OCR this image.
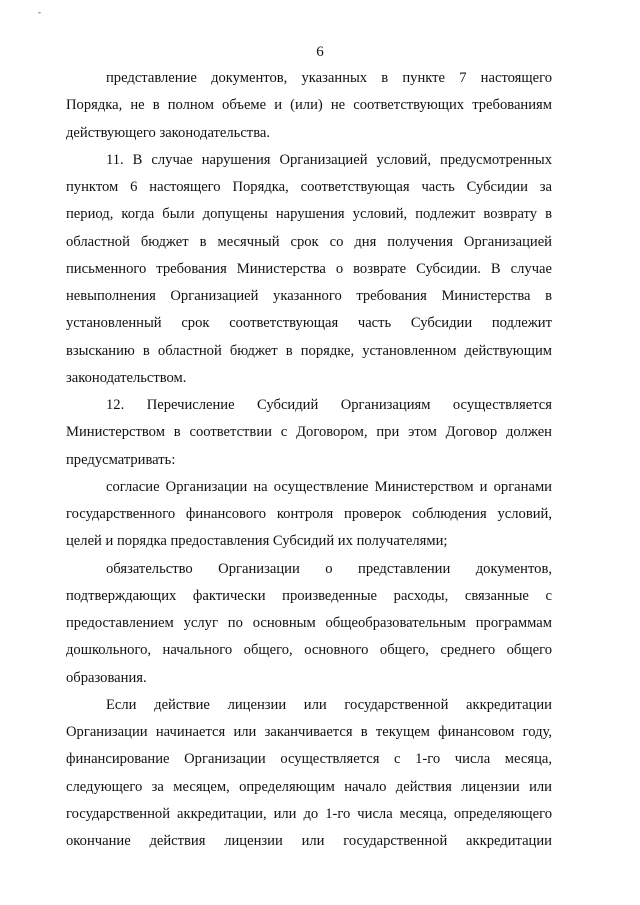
-
6
представление документов, указанных в пункте 7 настоящего
Порядка, не в полном объеме и (или) не соответствующих требованиям
действующего законодательства.
11. В случае нарушения Организацией условий, предусмотренных
пунктом 6 настоящего Порядка, соответствующая часть Субсидии за
период, когда были допущены нарушения условий, подлежит возврату в
областной бюджет в месячный срок со дня получения Организацией
письменного требования Министерства о возврате Субсидии. В случае
невыполнения Организацией указанного требования Министерства в
установленный срок соответствующая часть Субсидии подлежит
взысканию в областной бюджет в порядке, установленном действующим
законодательством.
12. Перечисление Субсидий Организациям осуществляется
Министерством в соответствии с Договором, при этом Договор должен
предусматривать:
согласие Организации на осуществление Министерством и органами
государственного финансового контроля проверок соблюдения условий,
целей и порядка предоставления Субсидий их получателями;
обязательство Организации о представлении документов,
подтверждающих фактически произведенные расходы, связанные с
предоставлением услуг по основным общеобразовательным программам
дошкольного, начального общего, основного общего, среднего общего
образования.
Если действие лицензии или государственной аккредитации
Организации начинается или заканчивается в текущем финансовом году,
финансирование Организации осуществляется с 1-го числа месяца,
следующего за месяцем, определяющим начало действия лицензии или
государственной аккредитации, или до 1-го числа месяца, определяющего
окончание действия лицензии или государственной аккредитации
